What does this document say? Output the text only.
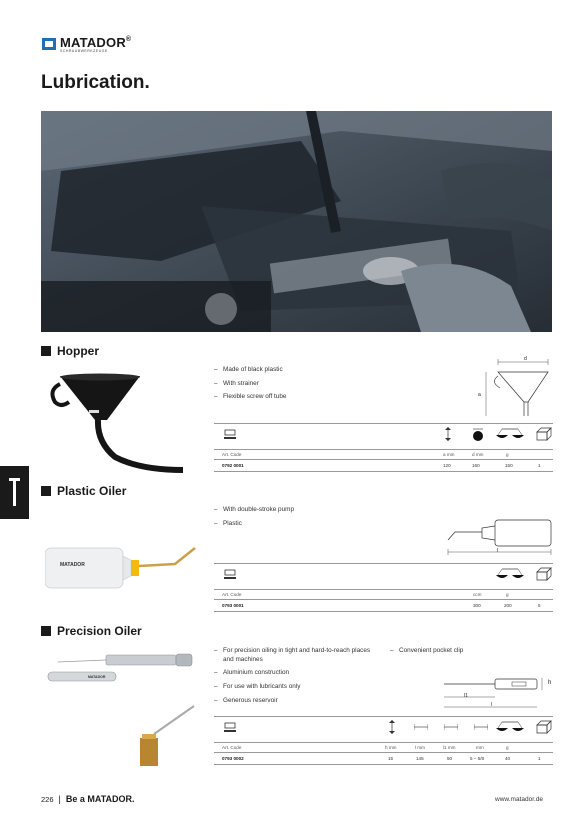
MATADOR®
SCHRAUBWERKZEUGE
Lubrication.
Hopper
– Made of black plastic
– With strainer
– Flexible screw off tube
d
a
Art. Code	a mm	d mm	g
0792 0001	120	160	150	1
Plastic Oiler
MATADOR
– With double-stroke pump
– Plastic
l
Art. Code	ccm	g
0793 0001	300	200	5
Precision Oiler
MATADOR
– For precision oiling in tight and hard-to-reach places and machines
– Aluminium construction
– For use with lubricants only
– Generous reservoir
– Convenient pocket clip
h
l1
l
Art. Code	h mm	l mm	l1 mm	mm	g
0793 0002	15	145	50	5 – 5/8	40	1
226 | Be a MATADOR.	www.matador.de
